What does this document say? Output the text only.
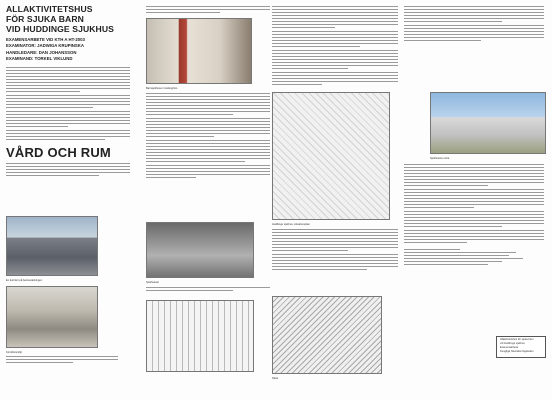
ALLAKTIVITETSHUS
FÖR SJUKA BARN
VID HUDDINGE SJUKHUS
EXAMENSARBETE VID KTH A HT-2003
EXAMINATOR: JADWIGA KRUPINSKA
HANDLEDARE: DAN JOHANSSON
EXAMINAND: TORKEL VIKLUND
VÅRD OCH RUM
En korridor på barnavdelningen
Korridorsmiljö
Barnsjukhuset i Helsingfors
Sjukhussal
Huddinge sjukhus, situationsplan
Skiss
Sjukhusets entré
Allaktivitetshus för sjuka barn
vid Huddinge sjukhus
Examensarbete
Kungliga Tekniska högskolan
